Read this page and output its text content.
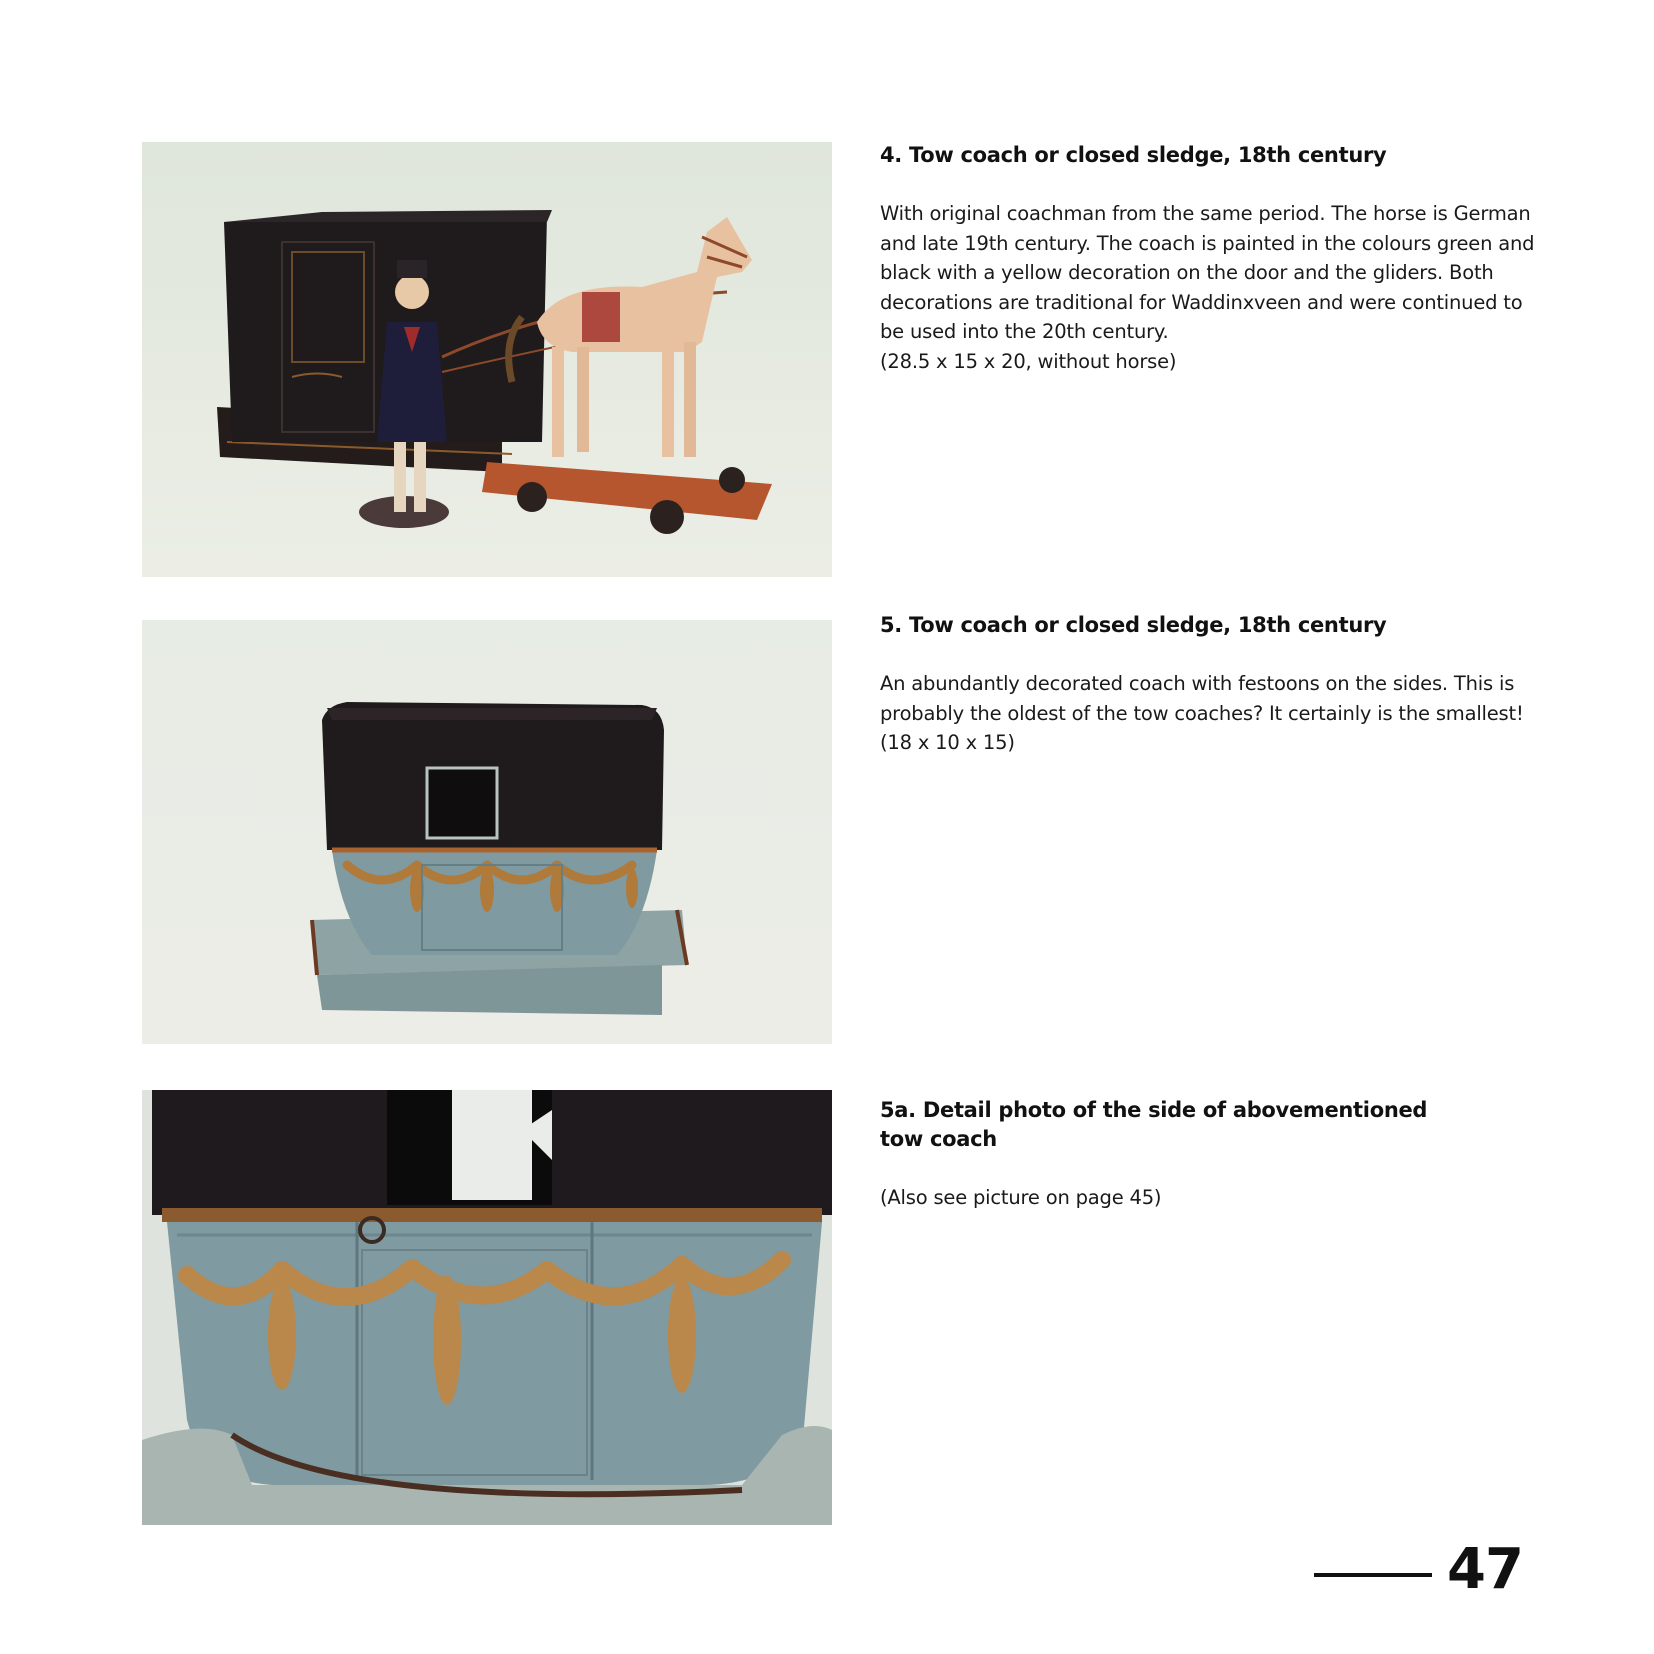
4. Tow coach or closed sledge, 18th century

With original coachman from the same period. The horse is German and late 19th century. The coach is painted in the colours green and black with a yellow decoration on the door and the gliders. Both decorations are traditional for Waddinxveen and were continued to be used into the 20th century.
(28.5 x 15 x 20, without horse)

5. Tow coach or closed sledge, 18th century

An abundantly decorated coach with festoons on the sides. This is probably the oldest of the tow coaches? It certainly is the smallest! (18 x 10 x 15)

5a. Detail photo of the side of abovementioned tow coach

(Also see picture on page 45)

47
